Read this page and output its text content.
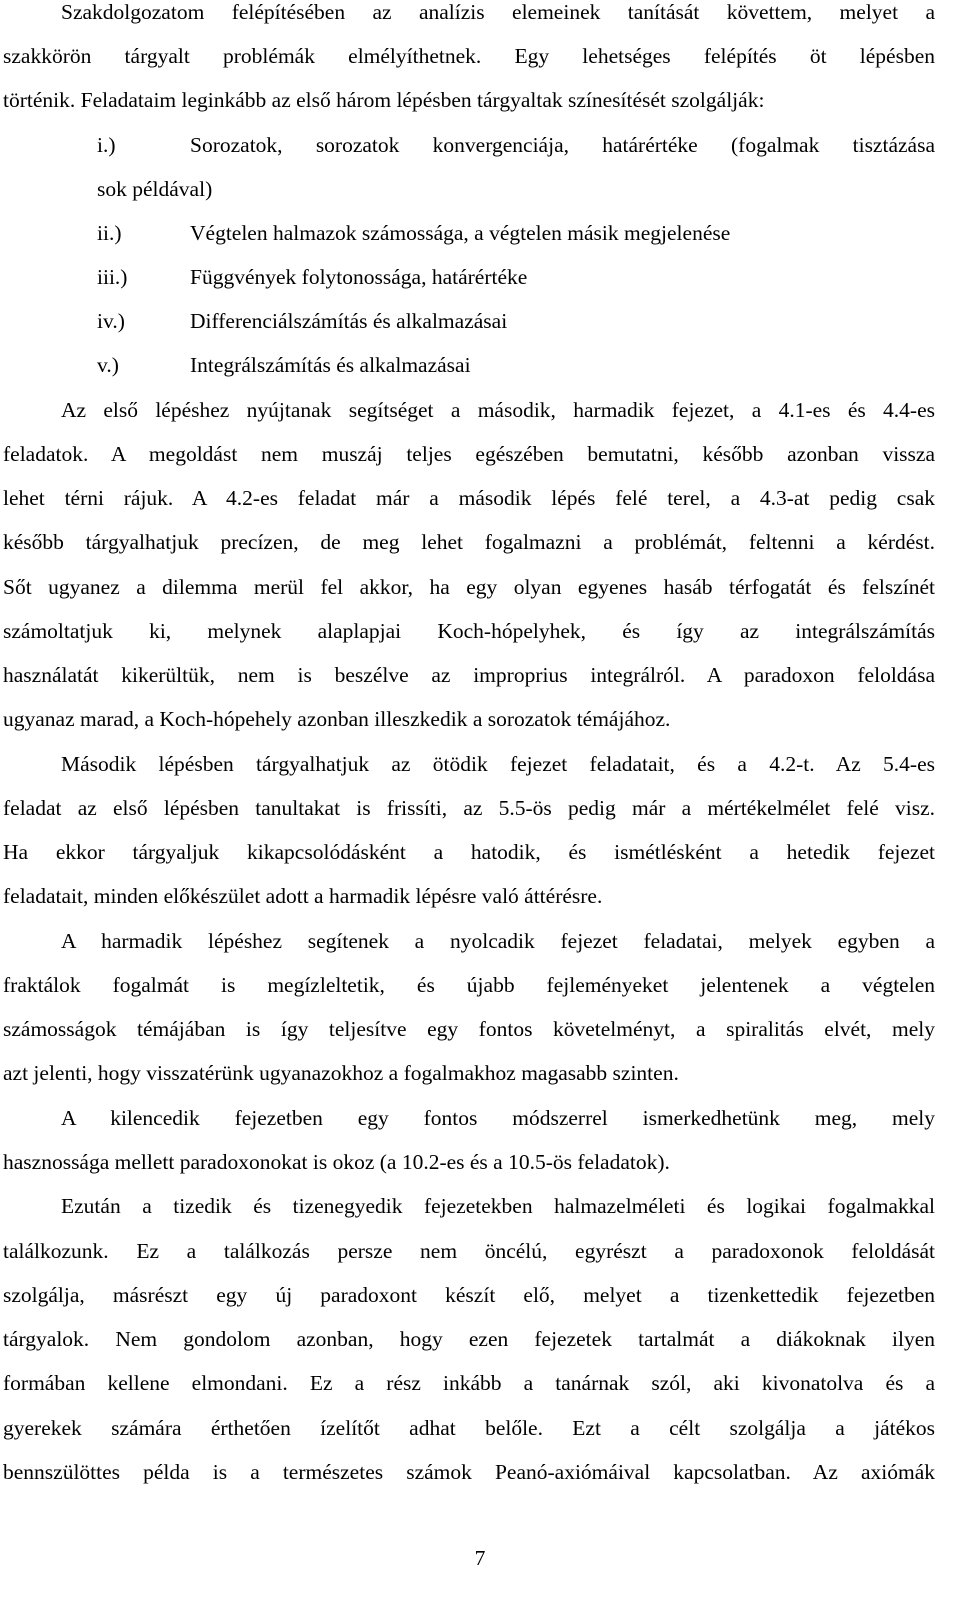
Szakdolgozatom felépítésében az analízis elemeinek tanítását követtem, melyet a
szakkörön tárgyalt problémák elmélyíthetnek. Egy lehetséges felépítés öt lépésben
történik. Feladataim leginkább az első három lépésben tárgyaltak színesítését szolgálják:
i.)	Sorozatok, sorozatok konvergenciája, határértéke (fogalmak tisztázása
sok példával)
ii.)	Végtelen halmazok számossága, a végtelen másik megjelenése
iii.)	Függvények folytonossága, határértéke
iv.)	Differenciálszámítás és alkalmazásai
v.)	Integrálszámítás és alkalmazásai
Az első lépéshez nyújtanak segítséget a második, harmadik fejezet, a 4.1-es és 4.4-es
feladatok. A megoldást nem muszáj teljes egészében bemutatni, később azonban vissza
lehet térni rájuk. A 4.2-es feladat már a második lépés felé terel, a 4.3-at pedig csak
később tárgyalhatjuk precízen, de meg lehet fogalmazni a problémát, feltenni a kérdést.
Sőt ugyanez a dilemma merül fel akkor, ha egy olyan egyenes hasáb térfogatát és felszínét
számoltatjuk ki, melynek alaplapjai Koch-hópelyhek, és így az integrálszámítás
használatát kikerültük, nem is beszélve az improprius integrálról. A paradoxon feloldása
ugyanaz marad, a Koch-hópehely azonban illeszkedik a sorozatok témájához.
Második lépésben tárgyalhatjuk az ötödik fejezet feladatait, és a 4.2-t. Az 5.4-es
feladat az első lépésben tanultakat is frissíti, az 5.5-ös pedig már a mértékelmélet felé visz.
Ha ekkor tárgyaljuk kikapcsolódásként a hatodik, és ismétlésként a hetedik fejezet
feladatait, minden előkészület adott a harmadik lépésre való áttérésre.
A harmadik lépéshez segítenek a nyolcadik fejezet feladatai, melyek egyben a
fraktálok fogalmát is megízleltetik, és újabb fejleményeket jelentenek a végtelen
számosságok témájában is így teljesítve egy fontos követelményt, a spiralitás elvét, mely
azt jelenti, hogy visszatérünk ugyanazokhoz a fogalmakhoz magasabb szinten.
A kilencedik fejezetben egy fontos módszerrel ismerkedhetünk meg, mely
hasznossága mellett paradoxonokat is okoz (a 10.2-es és a 10.5-ös feladatok).
Ezután a tizedik és tizenegyedik fejezetekben halmazelméleti és logikai fogalmakkal
találkozunk. Ez a találkozás persze nem öncélú, egyrészt a paradoxonok feloldását
szolgálja, másrészt egy új paradoxont készít elő, melyet a tizenkettedik fejezetben
tárgyalok. Nem gondolom azonban, hogy ezen fejezetek tartalmát a diákoknak ilyen
formában kellene elmondani. Ez a rész inkább a tanárnak szól, aki kivonatolva és a
gyerekek számára érthetően ízelítőt adhat belőle. Ezt a célt szolgálja a játékos
bennszülöttes példa is a természetes számok Peanó-axiómáival kapcsolatban. Az axiómák
7
